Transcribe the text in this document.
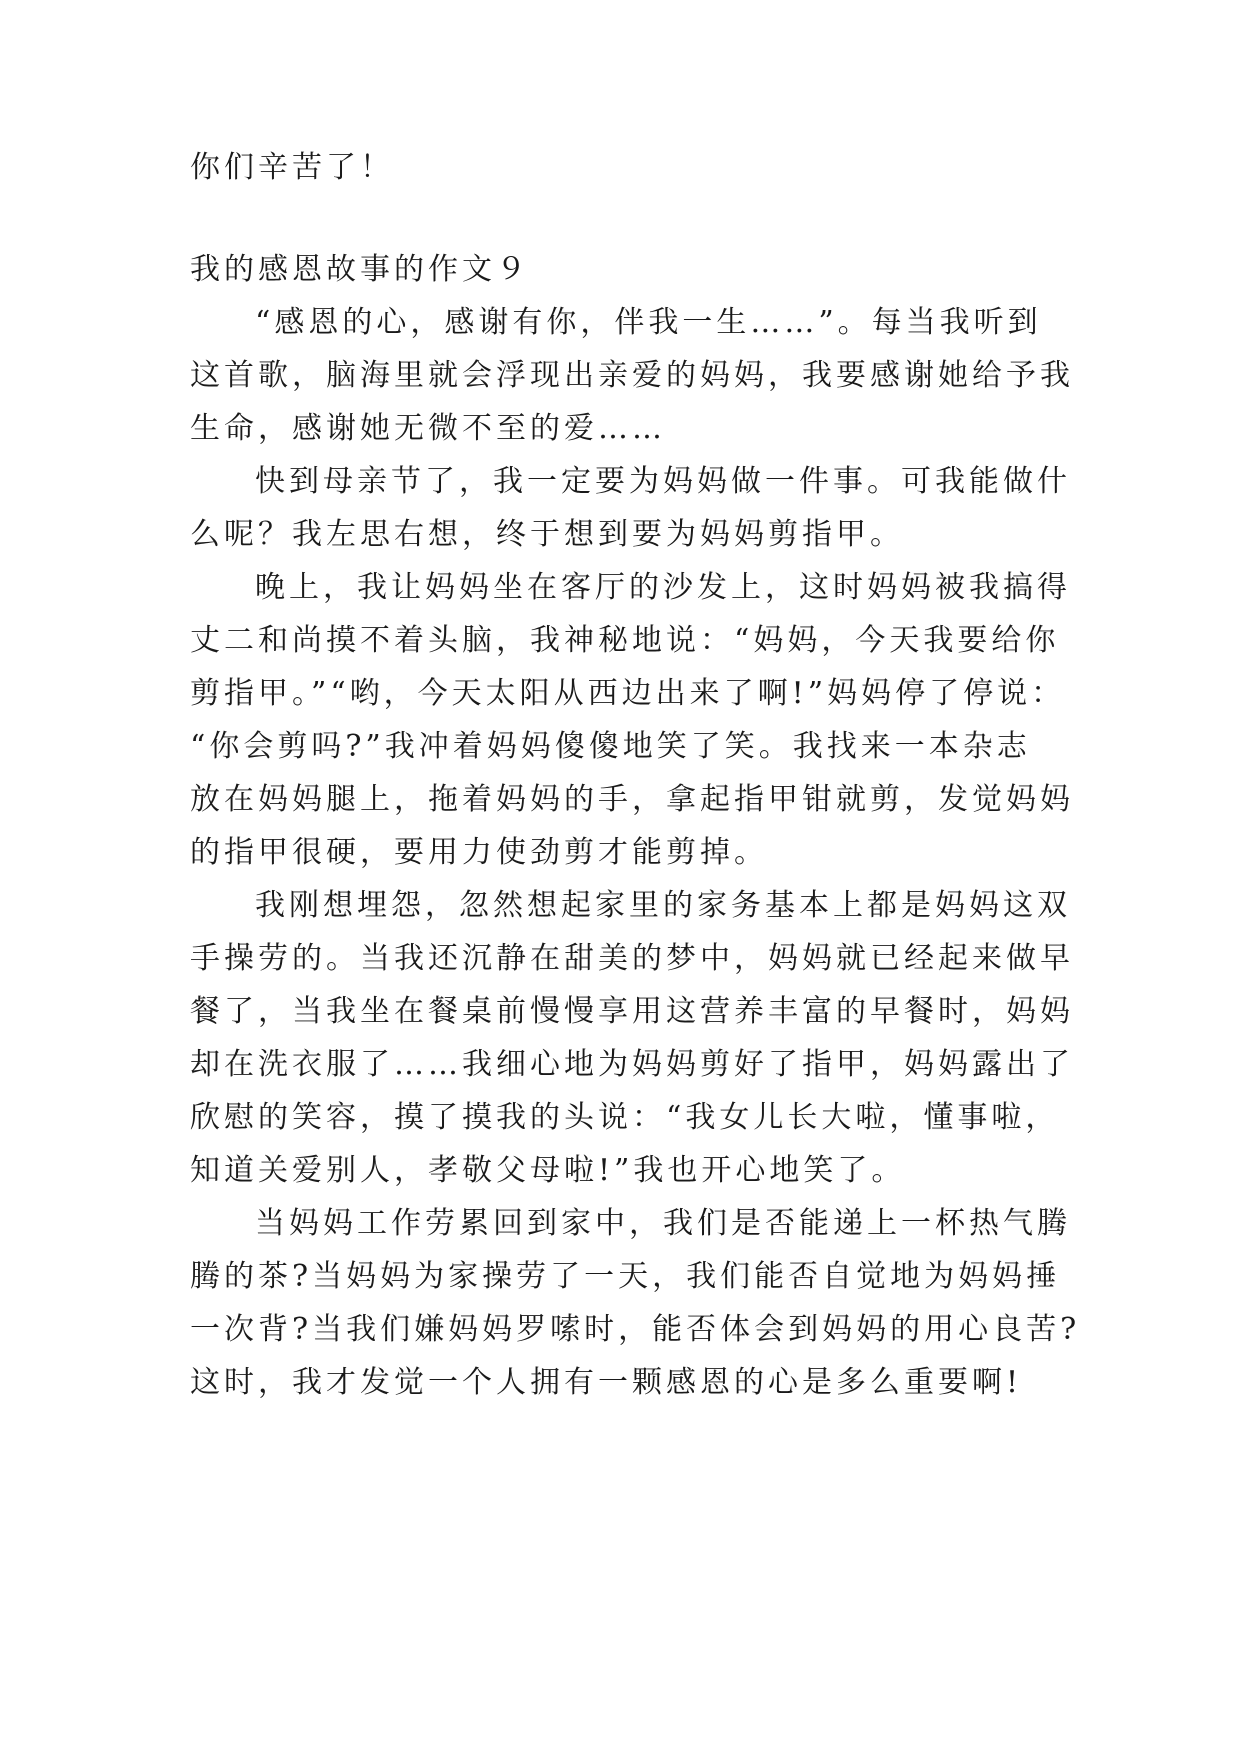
你们辛苦了！
我的感恩故事的作文９
“感恩的心，感谢有你，伴我一生……”。每当我听到
这首歌，脑海里就会浮现出亲爱的妈妈，我要感谢她给予我
生命，感谢她无微不至的爱……
快到母亲节了，我一定要为妈妈做一件事。可我能做什
么呢？我左思右想，终于想到要为妈妈剪指甲。
晚上，我让妈妈坐在客厅的沙发上，这时妈妈被我搞得
丈二和尚摸不着头脑，我神秘地说：“妈妈，今天我要给你
剪指甲。”“哟，今天太阳从西边出来了啊!”妈妈停了停说：
“你会剪吗?”我冲着妈妈傻傻地笑了笑。我找来一本杂志
放在妈妈腿上，拖着妈妈的手，拿起指甲钳就剪，发觉妈妈
的指甲很硬，要用力使劲剪才能剪掉。
我刚想埋怨，忽然想起家里的家务基本上都是妈妈这双
手操劳的。当我还沉静在甜美的梦中，妈妈就已经起来做早
餐了，当我坐在餐桌前慢慢享用这营养丰富的早餐时，妈妈
却在洗衣服了……我细心地为妈妈剪好了指甲，妈妈露出了
欣慰的笑容，摸了摸我的头说：“我女儿长大啦，懂事啦，
知道关爱别人，孝敬父母啦!”我也开心地笑了。
当妈妈工作劳累回到家中，我们是否能递上一杯热气腾
腾的茶?当妈妈为家操劳了一天，我们能否自觉地为妈妈捶
一次背?当我们嫌妈妈罗嗦时，能否体会到妈妈的用心良苦?
这时，我才发觉一个人拥有一颗感恩的心是多么重要啊!
